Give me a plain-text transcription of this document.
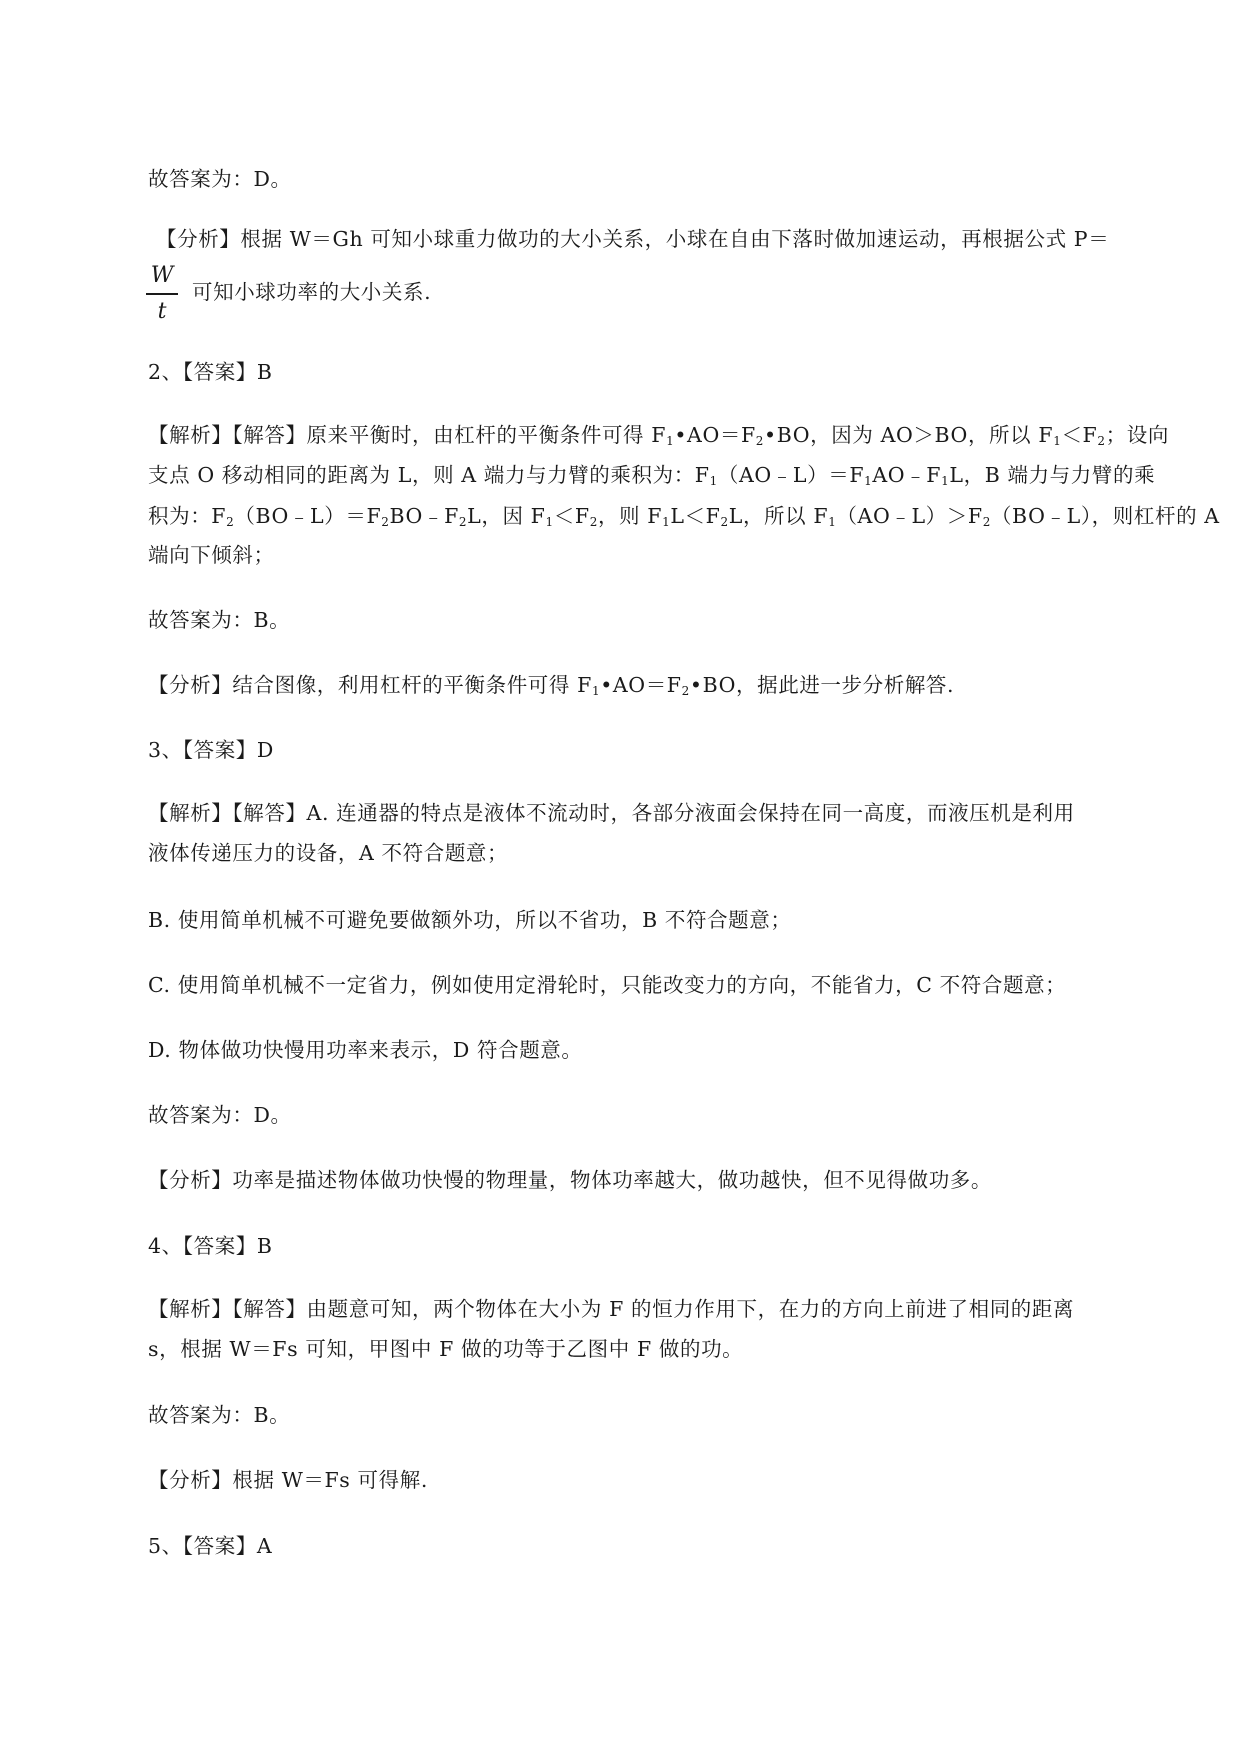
故答案为：D。
【分析】根据 W＝Gh 可知小球重力做功的大小关系，小球在自由下落时做加速运动，再根据公式 P＝
W
t
可知小球功率的大小关系.
2、【答案】B
【解析】【解答】原来平衡时，由杠杆的平衡条件可得 $F_1•AO=F_2•BO$，因为 AO＞BO，所以 $F_1<F_2$；设向
支点 O 移动相同的距离为 L，则 A 端力与力臂的乘积为：$F_1(AO﹣L)=F_1AO﹣F_1L$，B 端力与力臂的乘
积为：$F_2(BO﹣L)=F_2BO﹣F_2L$，因 $F_1<F_2$，则 $F_1L<F_2L$，所以 $F_1(AO﹣L)>F_2(BO﹣L)$，则杠杆的 A
端向下倾斜；
故答案为：B。
【分析】结合图像，利用杠杆的平衡条件可得 $F_1•AO=F_2•BO$，据此进一步分析解答.
3、【答案】D
【解析】【解答】A. 连通器的特点是液体不流动时，各部分液面会保持在同一高度，而液压机是利用
液体传递压力的设备，A 不符合题意；
B. 使用简单机械不可避免要做额外功，所以不省功，B 不符合题意；
C. 使用简单机械不一定省力，例如使用定滑轮时，只能改变力的方向，不能省力，C 不符合题意；
D. 物体做功快慢用功率来表示，D 符合题意。
故答案为：D。
【分析】功率是描述物体做功快慢的物理量，物体功率越大，做功越快，但不见得做功多。
4、【答案】B
【解析】【解答】由题意可知，两个物体在大小为 F 的恒力作用下，在力的方向上前进了相同的距离
s，根据 W＝Fs 可知，甲图中 F 做的功等于乙图中 F 做的功。
故答案为：B。
【分析】根据 W＝Fs 可得解.
5、【答案】A
